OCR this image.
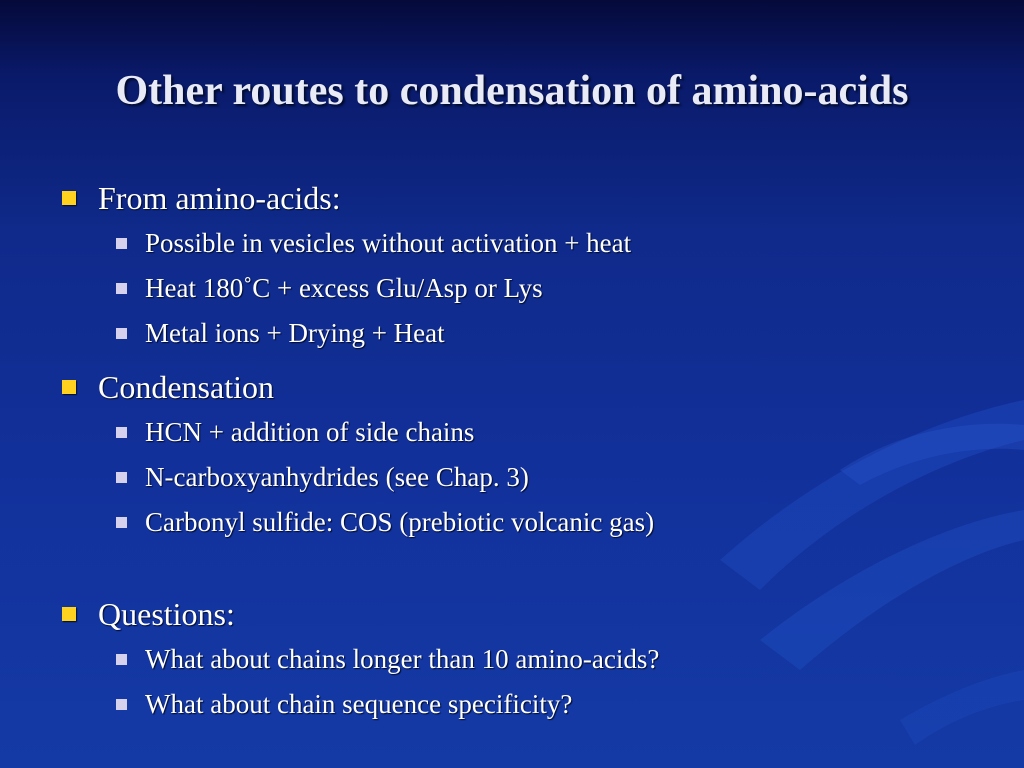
Other routes to condensation of amino-acids
From amino-acids:
Possible in vesicles without activation + heat
Heat 180˚C + excess Glu/Asp or Lys
Metal ions + Drying + Heat
Condensation
HCN + addition of side chains
N-carboxyanhydrides (see Chap. 3)
Carbonyl sulfide: COS (prebiotic volcanic gas)
Questions:
What about chains longer than 10 amino-acids?
What about chain sequence specificity?
